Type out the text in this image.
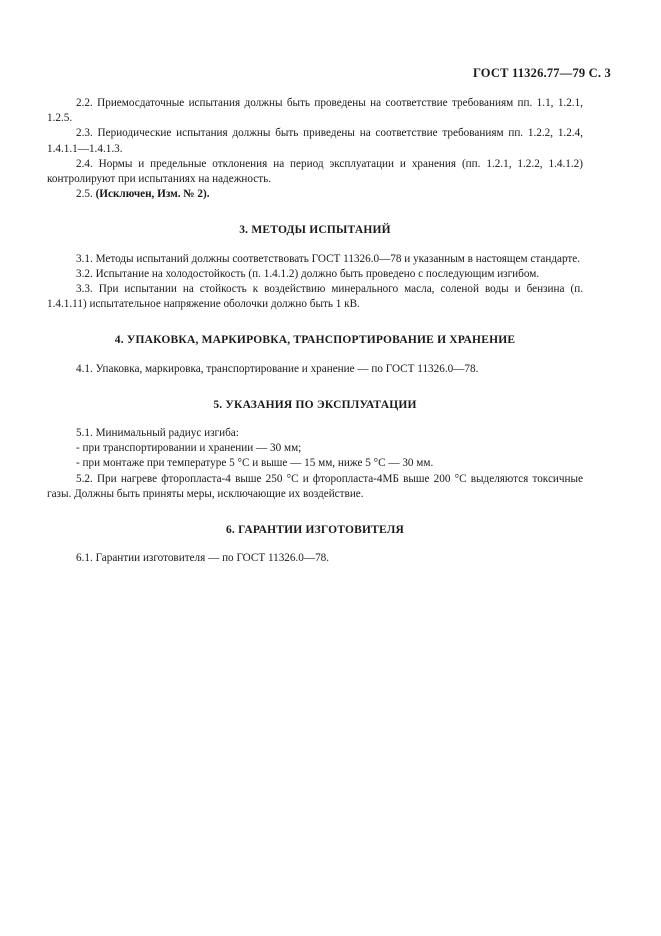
ГОСТ 11326.77—79 С. 3

2.2. Приемосдаточные испытания должны быть проведены на соответствие требованиям пп. 1.1, 1.2.1, 1.2.5.

2.3. Периодические испытания должны быть приведены на соответствие требованиям пп. 1.2.2, 1.2.4, 1.4.1.1—1.4.1.3.

2.4. Нормы и предельные отклонения на период эксплуатации и хранения (пп. 1.2.1, 1.2.2, 1.4.1.2) контролируют при испытаниях на надежность.

2.5. (Исключен, Изм. № 2).

3. МЕТОДЫ ИСПЫТАНИЙ

3.1. Методы испытаний должны соответствовать ГОСТ 11326.0—78 и указанным в настоящем стандарте.

3.2. Испытание на холодостойкость (п. 1.4.1.2) должно быть проведено с последующим изгибом.

3.3. При испытании на стойкость к воздействию минерального масла, соленой воды и бензина (п. 1.4.1.11) испытательное напряжение оболочки должно быть 1 кВ.

4. УПАКОВКА, МАРКИРОВКА, ТРАНСПОРТИРОВАНИЕ И ХРАНЕНИЕ

4.1. Упаковка, маркировка, транспортирование и хранение — по ГОСТ 11326.0—78.

5. УКАЗАНИЯ ПО ЭКСПЛУАТАЦИИ

5.1. Минимальный радиус изгиба:

- при транспортировании и хранении — 30 мм;

- при монтаже при температуре 5 °С и выше — 15 мм, ниже 5 °С — 30 мм.

5.2. При нагреве фторопласта-4 выше 250 °С и фторопласта-4МБ выше 200 °С выделяются токсичные газы. Должны быть приняты меры, исключающие их воздействие.

6. ГАРАНТИИ ИЗГОТОВИТЕЛЯ

6.1. Гарантии изготовителя — по ГОСТ 11326.0—78.
